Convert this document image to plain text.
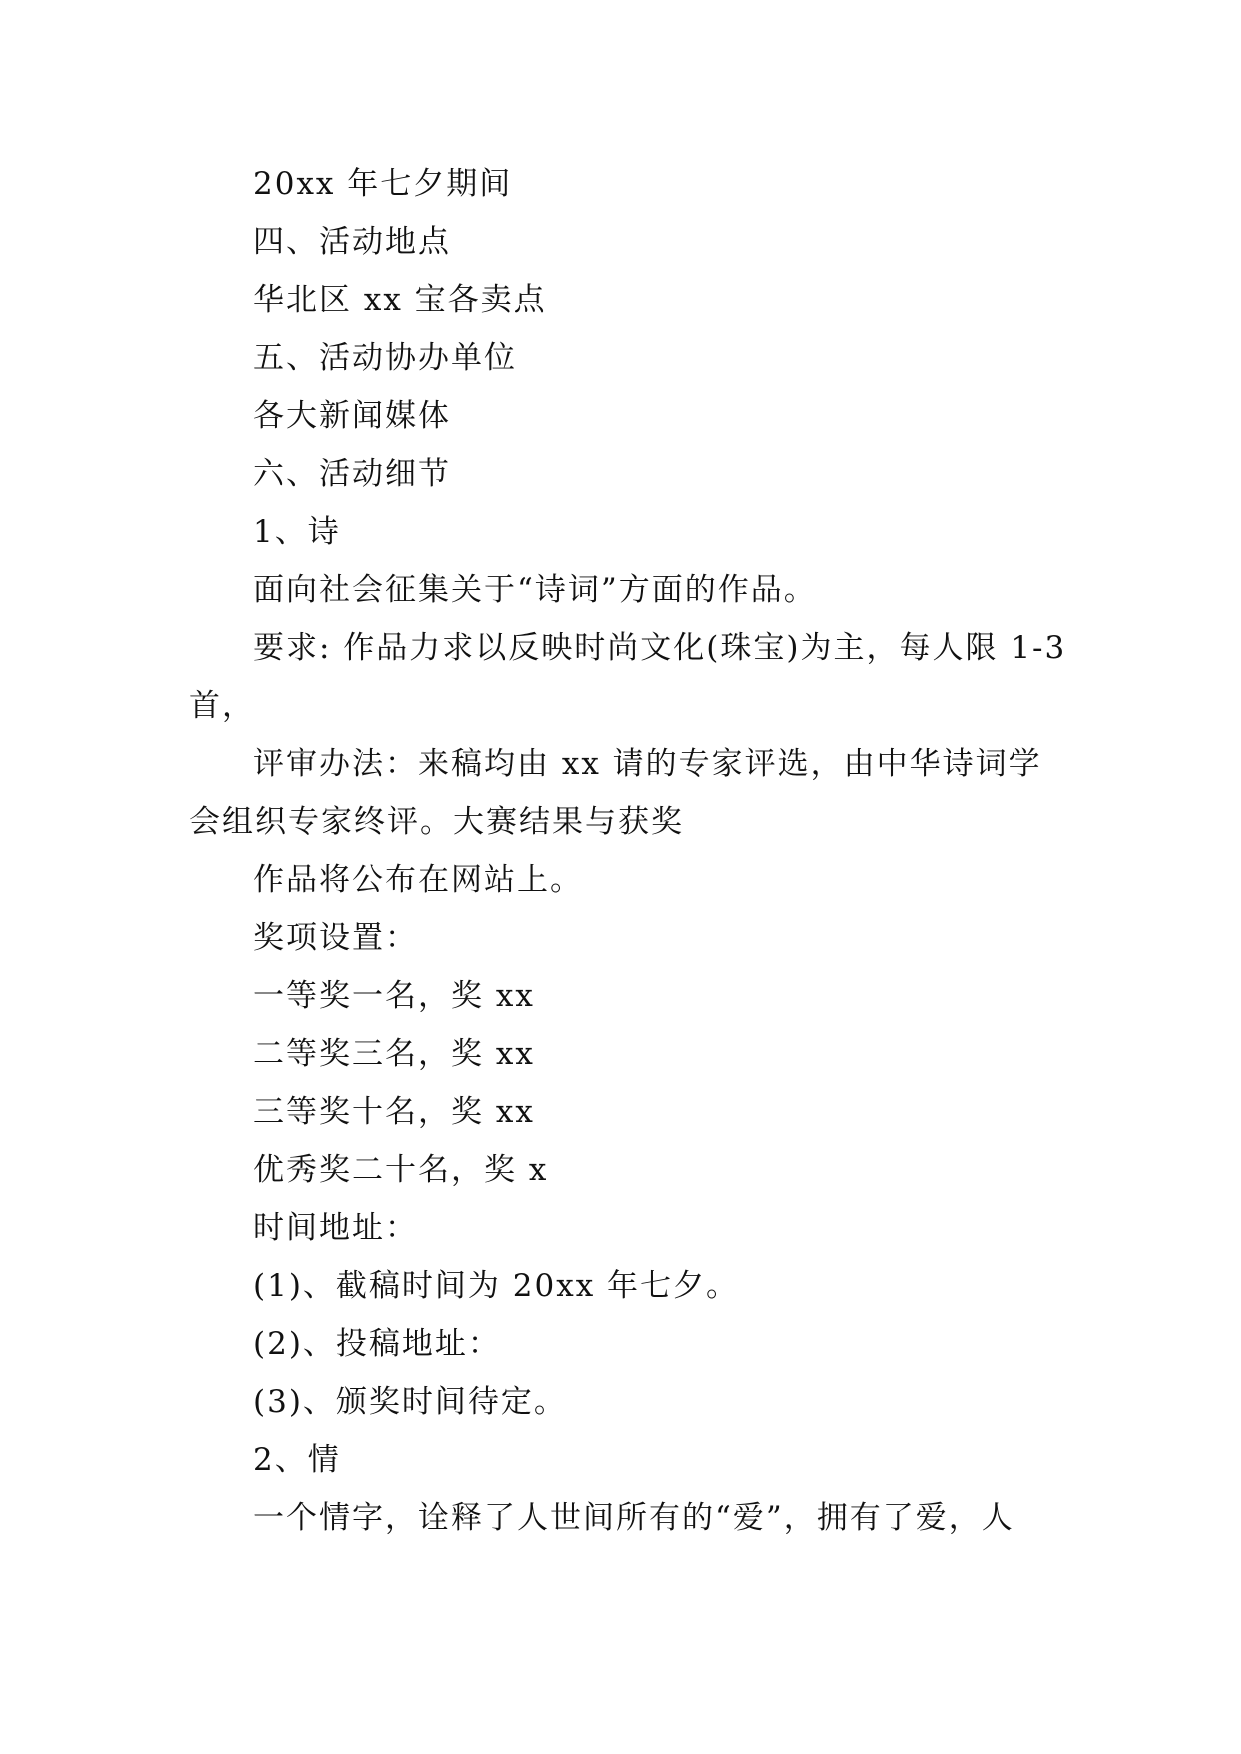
20xx 年七夕期间
四、活动地点
华北区 xx 宝各卖点
五、活动协办单位
各大新闻媒体
六、活动细节
1、诗
面向社会征集关于“诗词”方面的作品。
要求: 作品力求以反映时尚文化(珠宝)为主，每人限 1-3
首，
评审办法：来稿均由 xx 请的专家评选，由中华诗词学
会组织专家终评。大赛结果与获奖
作品将公布在网站上。
奖项设置：
一等奖一名，奖 xx
二等奖三名，奖 xx
三等奖十名，奖 xx
优秀奖二十名，奖 x
时间地址：
(1)、截稿时间为 20xx 年七夕。
(2)、投稿地址：
(3)、颁奖时间待定。
2、情
一个情字，诠释了人世间所有的“爱”，拥有了爱，人
